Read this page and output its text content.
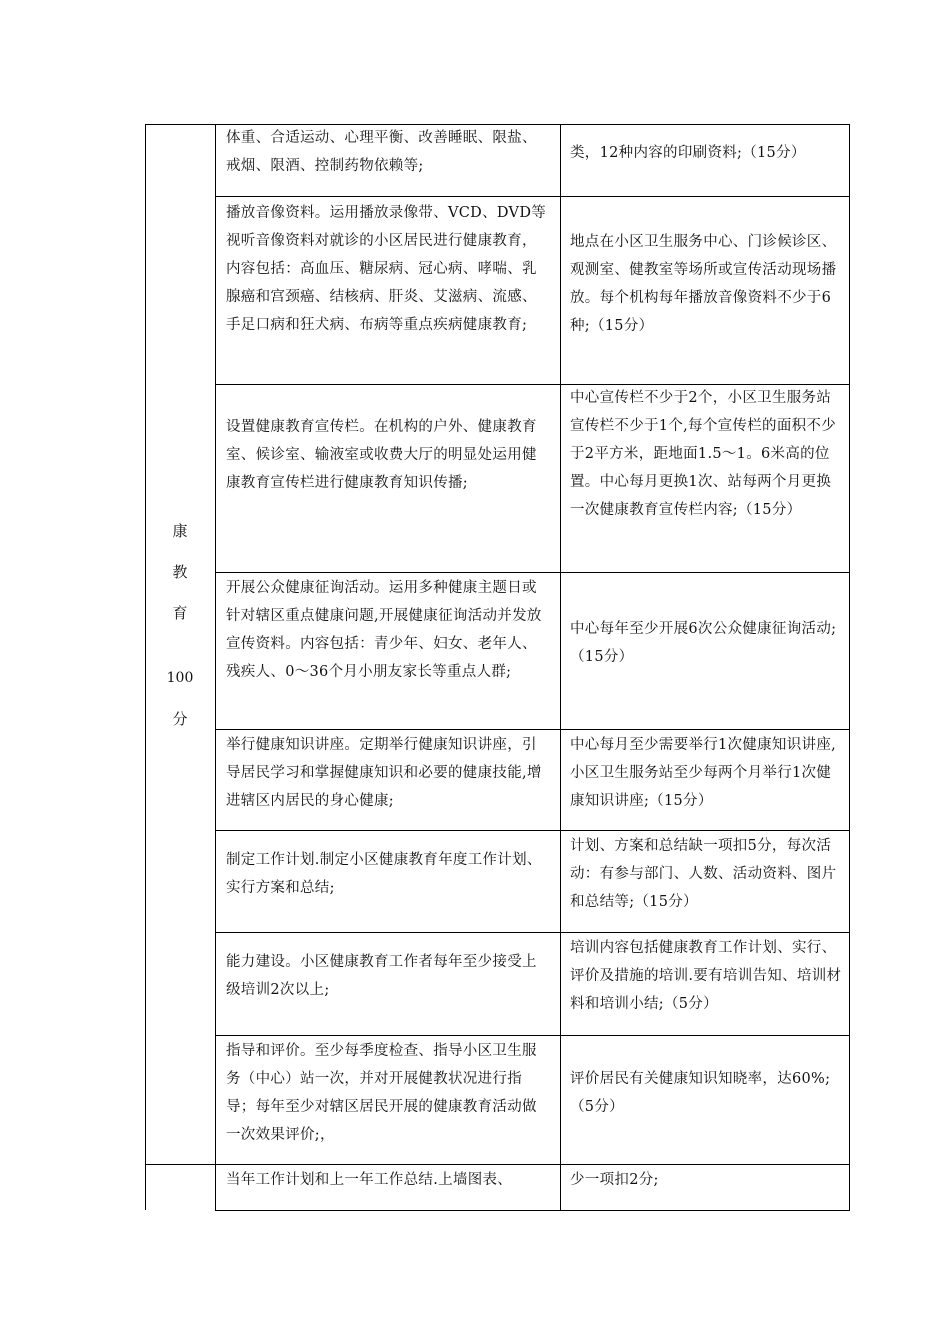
康
教
育
100
分
体重、合适运动、心理平衡、改善睡眠、限盐、戒烟、限酒、控制药物依赖等;
类，12种内容的印刷资料;（15分）
播放音像资料。运用播放录像带、VCD、DVD等视听音像资料对就诊的小区居民进行健康教育，内容包括：高血压、糖尿病、冠心病、哮喘、乳腺癌和宫颈癌、结核病、肝炎、艾滋病、流感、手足口病和狂犬病、布病等重点疾病健康教育;
地点在小区卫生服务中心、门诊候诊区、观测室、健教室等场所或宣传活动现场播放。每个机构每年播放音像资料不少于6种;（15分）
设置健康教育宣传栏。在机构的户外、健康教育室、候诊室、输液室或收费大厅的明显处运用健康教育宣传栏进行健康教育知识传播;
中心宣传栏不少于2个，小区卫生服务站宣传栏不少于1个,每个宣传栏的面积不少于2平方米，距地面1.5～1。6米高的位置。中心每月更换1次、站每两个月更换一次健康教育宣传栏内容;（15分）
开展公众健康征询活动。运用多种健康主题日或针对辖区重点健康问题,开展健康征询活动并发放宣传资料。内容包括：青少年、妇女、老年人、残疾人、0～36个月小朋友家长等重点人群;
中心每年至少开展6次公众健康征询活动;（15分）
举行健康知识讲座。定期举行健康知识讲座，引导居民学习和掌握健康知识和必要的健康技能,增进辖区内居民的身心健康;
中心每月至少需要举行1次健康知识讲座,小区卫生服务站至少每两个月举行1次健康知识讲座;（15分）
制定工作计划.制定小区健康教育年度工作计划、实行方案和总结;
计划、方案和总结缺一项扣5分，每次活动：有参与部门、人数、活动资料、图片和总结等;（15分）
能力建设。小区健康教育工作者每年至少接受上级培训2次以上;
培训内容包括健康教育工作计划、实行、评价及措施的培训.要有培训告知、培训材料和培训小结;（5分）
指导和评价。至少每季度检查、指导小区卫生服务（中心）站一次，并对开展健教状况进行指导；每年至少对辖区居民开展的健康教育活动做一次效果评价;，
评价居民有关健康知识知晓率，达60%;（5分）
当年工作计划和上一年工作总结.上墙图表、	少一项扣2分;
